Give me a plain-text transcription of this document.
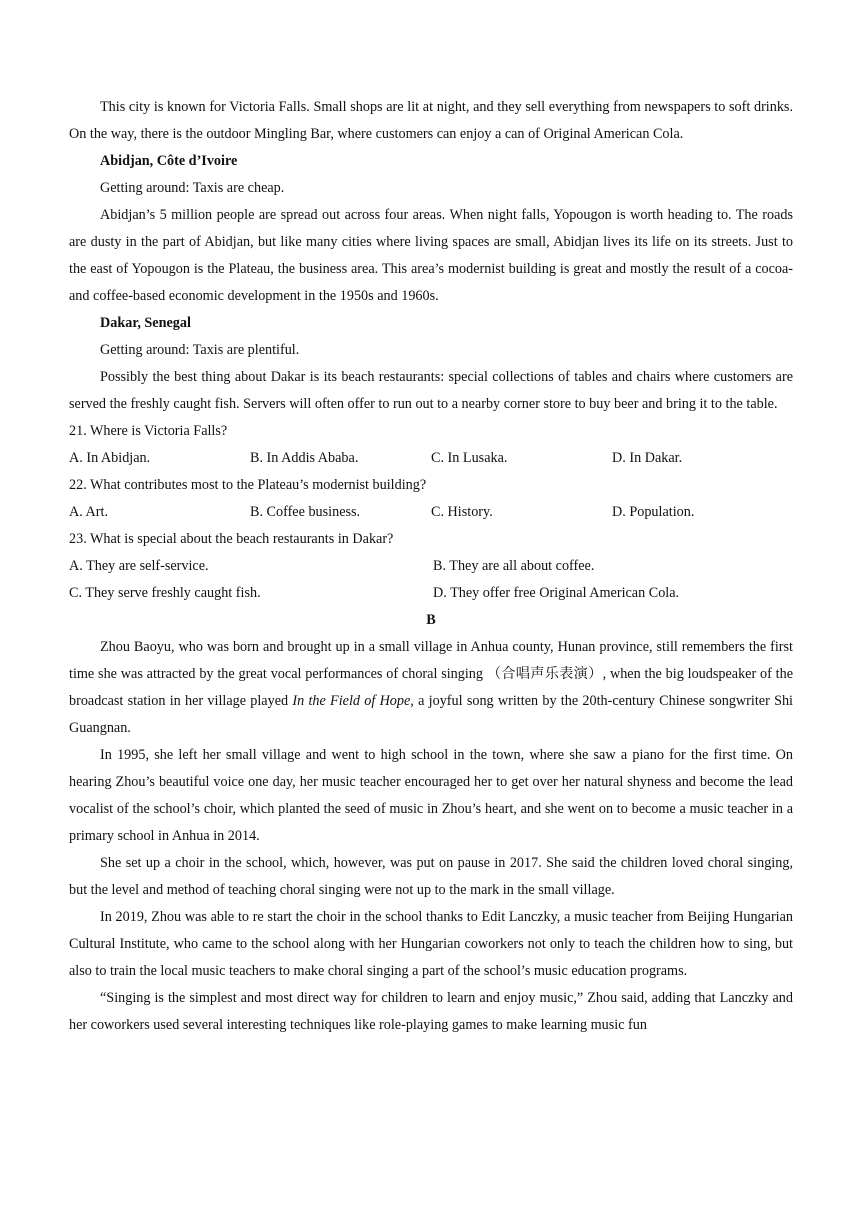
This city is known for Victoria Falls. Small shops are lit at night, and they sell everything from newspapers to soft drinks. On the way, there is the outdoor Mingling Bar, where customers can enjoy a can of Original American Cola.

Abidjan, Côte d’Ivoire

Getting around: Taxis are cheap.

Abidjan’s 5 million people are spread out across four areas. When night falls, Yopougon is worth heading to. The roads are dusty in the part of Abidjan, but like many cities where living spaces are small, Abidjan lives its life on its streets. Just to the east of Yopougon is the Plateau, the business area. This area’s modernist building is great and mostly the result of a cocoa-and coffee-based economic development in the 1950s and 1960s.

Dakar, Senegal

Getting around: Taxis are plentiful.

Possibly the best thing about Dakar is its beach restaurants: special collections of tables and chairs where customers are served the freshly caught fish. Servers will often offer to run out to a nearby corner store to buy beer and bring it to the table.

21. Where is Victoria Falls?

A. In Abidjan.	B. In Addis Ababa.	C. In Lusaka.	D. In Dakar.

22. What contributes most to the Plateau’s modernist building?

A. Art.	B. Coffee business.	C. History.	D. Population.

23. What is special about the beach restaurants in Dakar?

A. They are self-service.	B. They are all about coffee.
C. They serve freshly caught fish.	D. They offer free Original American Cola.

B

Zhou Baoyu, who was born and brought up in a small village in Anhua county, Hunan province, still remembers the first time she was attracted by the great vocal performances of choral singing （合唱声乐表演）, when the big loudspeaker of the broadcast station in her village played In the Field of Hope, a joyful song written by the 20th-century Chinese songwriter Shi Guangnan.

In 1995, she left her small village and went to high school in the town, where she saw a piano for the first time. On hearing Zhou’s beautiful voice one day, her music teacher encouraged her to get over her natural shyness and become the lead vocalist of the school’s choir, which planted the seed of music in Zhou’s heart, and she went on to become a music teacher in a primary school in Anhua in 2014.

She set up a choir in the school, which, however, was put on pause in 2017. She said the children loved choral singing, but the level and method of teaching choral singing were not up to the mark in the small village.

In 2019, Zhou was able to re start the choir in the school thanks to Edit Lanczky, a music teacher from Beijing Hungarian Cultural Institute, who came to the school along with her Hungarian coworkers not only to teach the children how to sing, but also to train the local music teachers to make choral singing a part of the school’s music education programs.

“Singing is the simplest and most direct way for children to learn and enjoy music,” Zhou said, adding that Lanczky and her coworkers used several interesting techniques like role-playing games to make learning music fun
